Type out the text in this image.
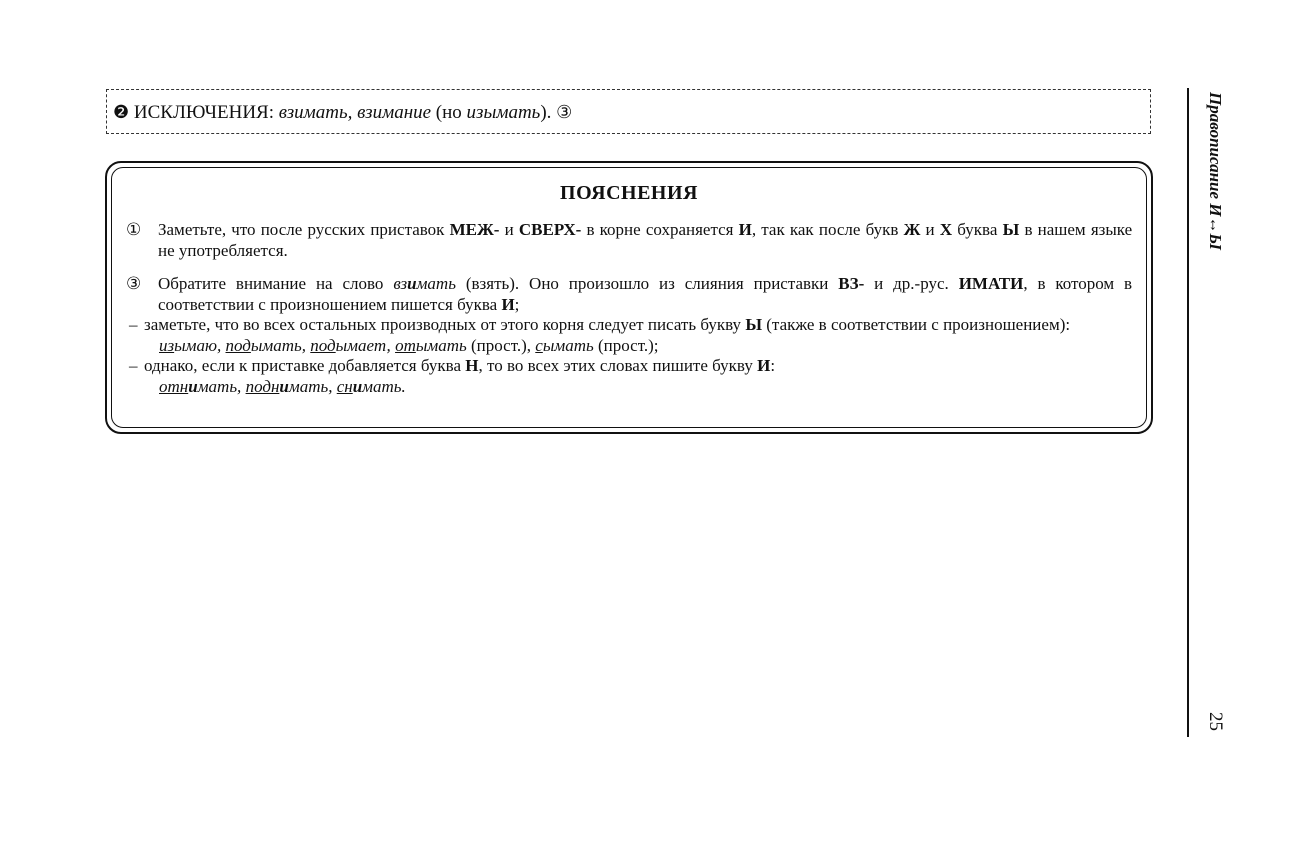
❷ ИСКЛЮЧЕНИЯ: взимать, взимание (но изымать). ③
ПОЯСНЕНИЯ
① Заметьте, что после русских приставок МЕЖ- и СВЕРХ- в корне сохраняется И, так как после букв Ж и Х буква Ы в нашем языке не употребляется.
③ Обратите внимание на слово взимать (взять). Оно произошло из слияния приставки ВЗ- и др.-рус. ИМАТИ, в котором в соответствии с произношением пишется буква И;
– заметьте, что во всех остальных производных от этого корня следует писать букву Ы (также в соответствии с произношением):
изымаю, подымать, подымает, отымать (прост.), сымать (прост.);
– однако, если к приставке добавляется буква Н, то во всех этих словах пишите букву И:
отнимать, поднимать, снимать.
Правописание И↔Ы
25
